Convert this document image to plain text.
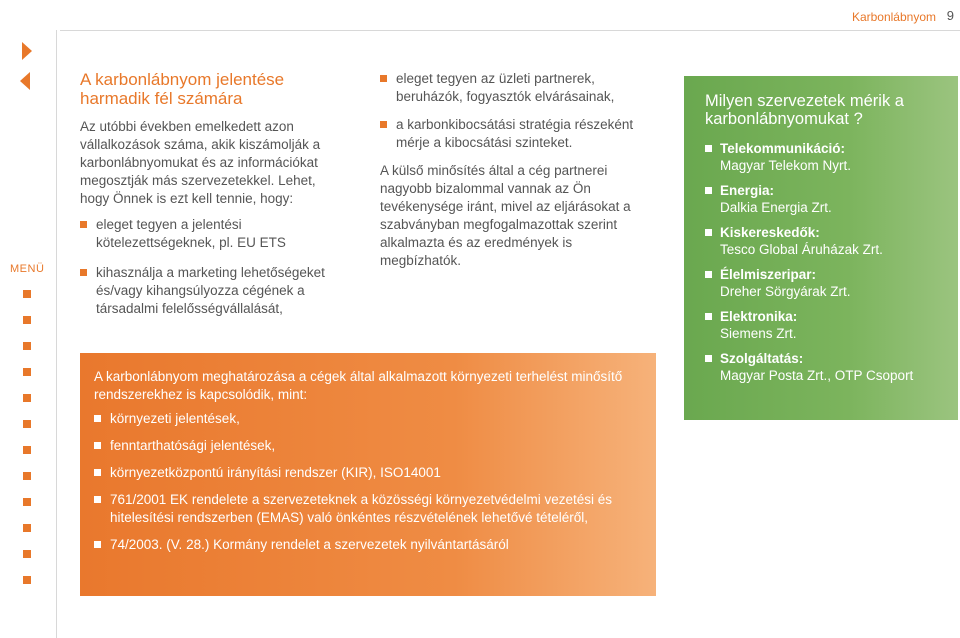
Karbonlábnyom 9
MENÜ
A karbonlábnyom jelentése harmadik fél számára

Az utóbbi években emelkedett azon vállalkozások száma, akik kiszámolják a karbonlábnyomukat és az információkat megosztják más szervezetekkel. Lehet, hogy Önnek is ezt kell tennie, hogy:

eleget tegyen a jelentési kötelezettségeknek, pl. EU ETS
kihasználja a marketing lehetőségeket és/vagy kihangsúlyozza cégének a társadalmi felelősségvállalását,
eleget tegyen az üzleti partnerek, beruházók, fogyasztók elvárásainak,
a karbonkibocsátási stratégia részeként mérje a kibocsátási szinteket.

A külső minősítés által a cég partnerei nagyobb bizalommal vannak az Ön tevékenysége iránt, mivel az eljárásokat a szabványban megfogalmazottak szerint alkalmazta és az eredmények is megbízhatók.

A karbonlábnyom meghatározása a cégek által alkalmazott környezeti terhelést minősítő rendszerekhez is kapcsolódik, mint:

környezeti jelentések,
fenntarthatósági jelentések,
környezetközpontú irányítási rendszer (KIR), ISO14001
761/2001 EK rendelete a szervezeteknek a közösségi környezetvédelmi vezetési és hitelesítési rendszerben (EMAS) való önkéntes részvételének lehetővé tételéről,
74/2003. (V. 28.) Kormány rendelet a szervezetek nyilvántartásáról
Milyen szervezetek mérik a karbonlábnyomukat ?
Telekommunikáció:
Magyar Telekom Nyrt.
Energia:
Dalkia Energia Zrt.
Kiskereskedők:
Tesco Global Áruházak Zrt.
Élelmiszeripar:
Dreher Sörgyárak Zrt.
Elektronika:
Siemens Zrt.
Szolgáltatás:
Magyar Posta Zrt., OTP Csoport
